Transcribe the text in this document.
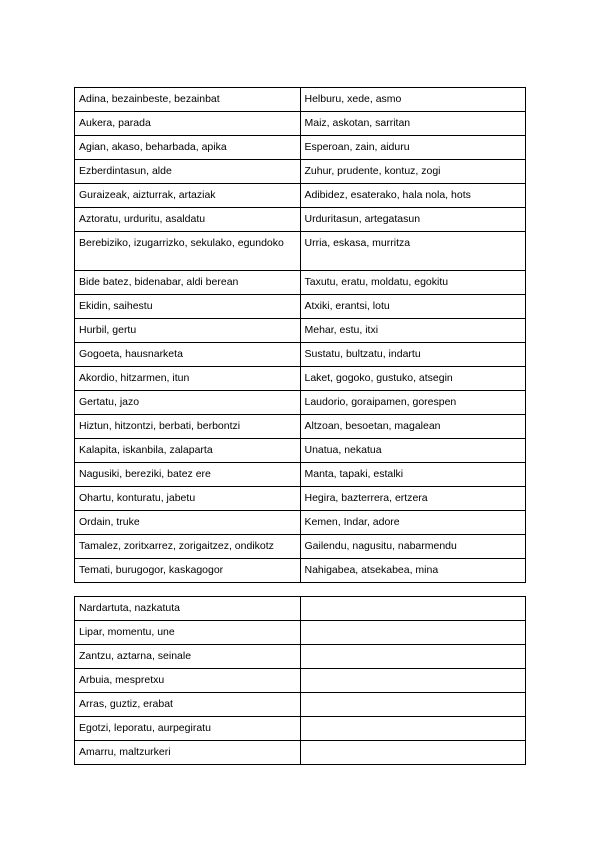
Adina, bezainbeste, bezainbat	Helburu, xede, asmo
Aukera, parada	Maiz, askotan, sarritan
Agian, akaso, beharbada, apika	Esperoan, zain, aiduru
Ezberdintasun, alde	Zuhur, prudente, kontuz, zogi
Guraizeak, aizturrak, artaziak	Adibidez, esaterako, hala nola, hots
Aztoratu, urduritu, asaldatu	Urduritasun, artegatasun
Berebiziko, izugarrizko, sekulako, egundoko	Urria, eskasa, murritza
Bide batez, bidenabar, aldi berean	Taxutu, eratu, moldatu, egokitu
Ekidin, saihestu	Atxiki, erantsi, lotu
Hurbil, gertu	Mehar, estu, itxi
Gogoeta, hausnarketa	Sustatu, bultzatu, indartu
Akordio, hitzarmen, itun	Laket, gogoko, gustuko, atsegin
Gertatu, jazo	Laudorio, goraipamen, gorespen
Hiztun, hitzontzi, berbati, berbontzi	Altzoan, besoetan, magalean
Kalapita, iskanbila, zalaparta	Unatua, nekatua
Nagusiki, bereziki, batez ere	Manta, tapaki, estalki
Ohartu, konturatu, jabetu	Hegira, bazterrera, ertzera
Ordain, truke	Kemen, Indar, adore
Tamalez, zoritxarrez, zorigaitzez, ondikotz	Gailendu, nagusitu, nabarmendu
Temati, burugogor, kaskagogor	Nahigabea, atsekabea, mina
Nardartuta, nazkatuta	
Lipar, momentu, une	
Zantzu, aztarna, seinale	
Arbuia, mespretxu	
Arras, guztiz, erabat	
Egotzi, leporatu, aurpegiratu	
Amarru, maltzurkeri	
